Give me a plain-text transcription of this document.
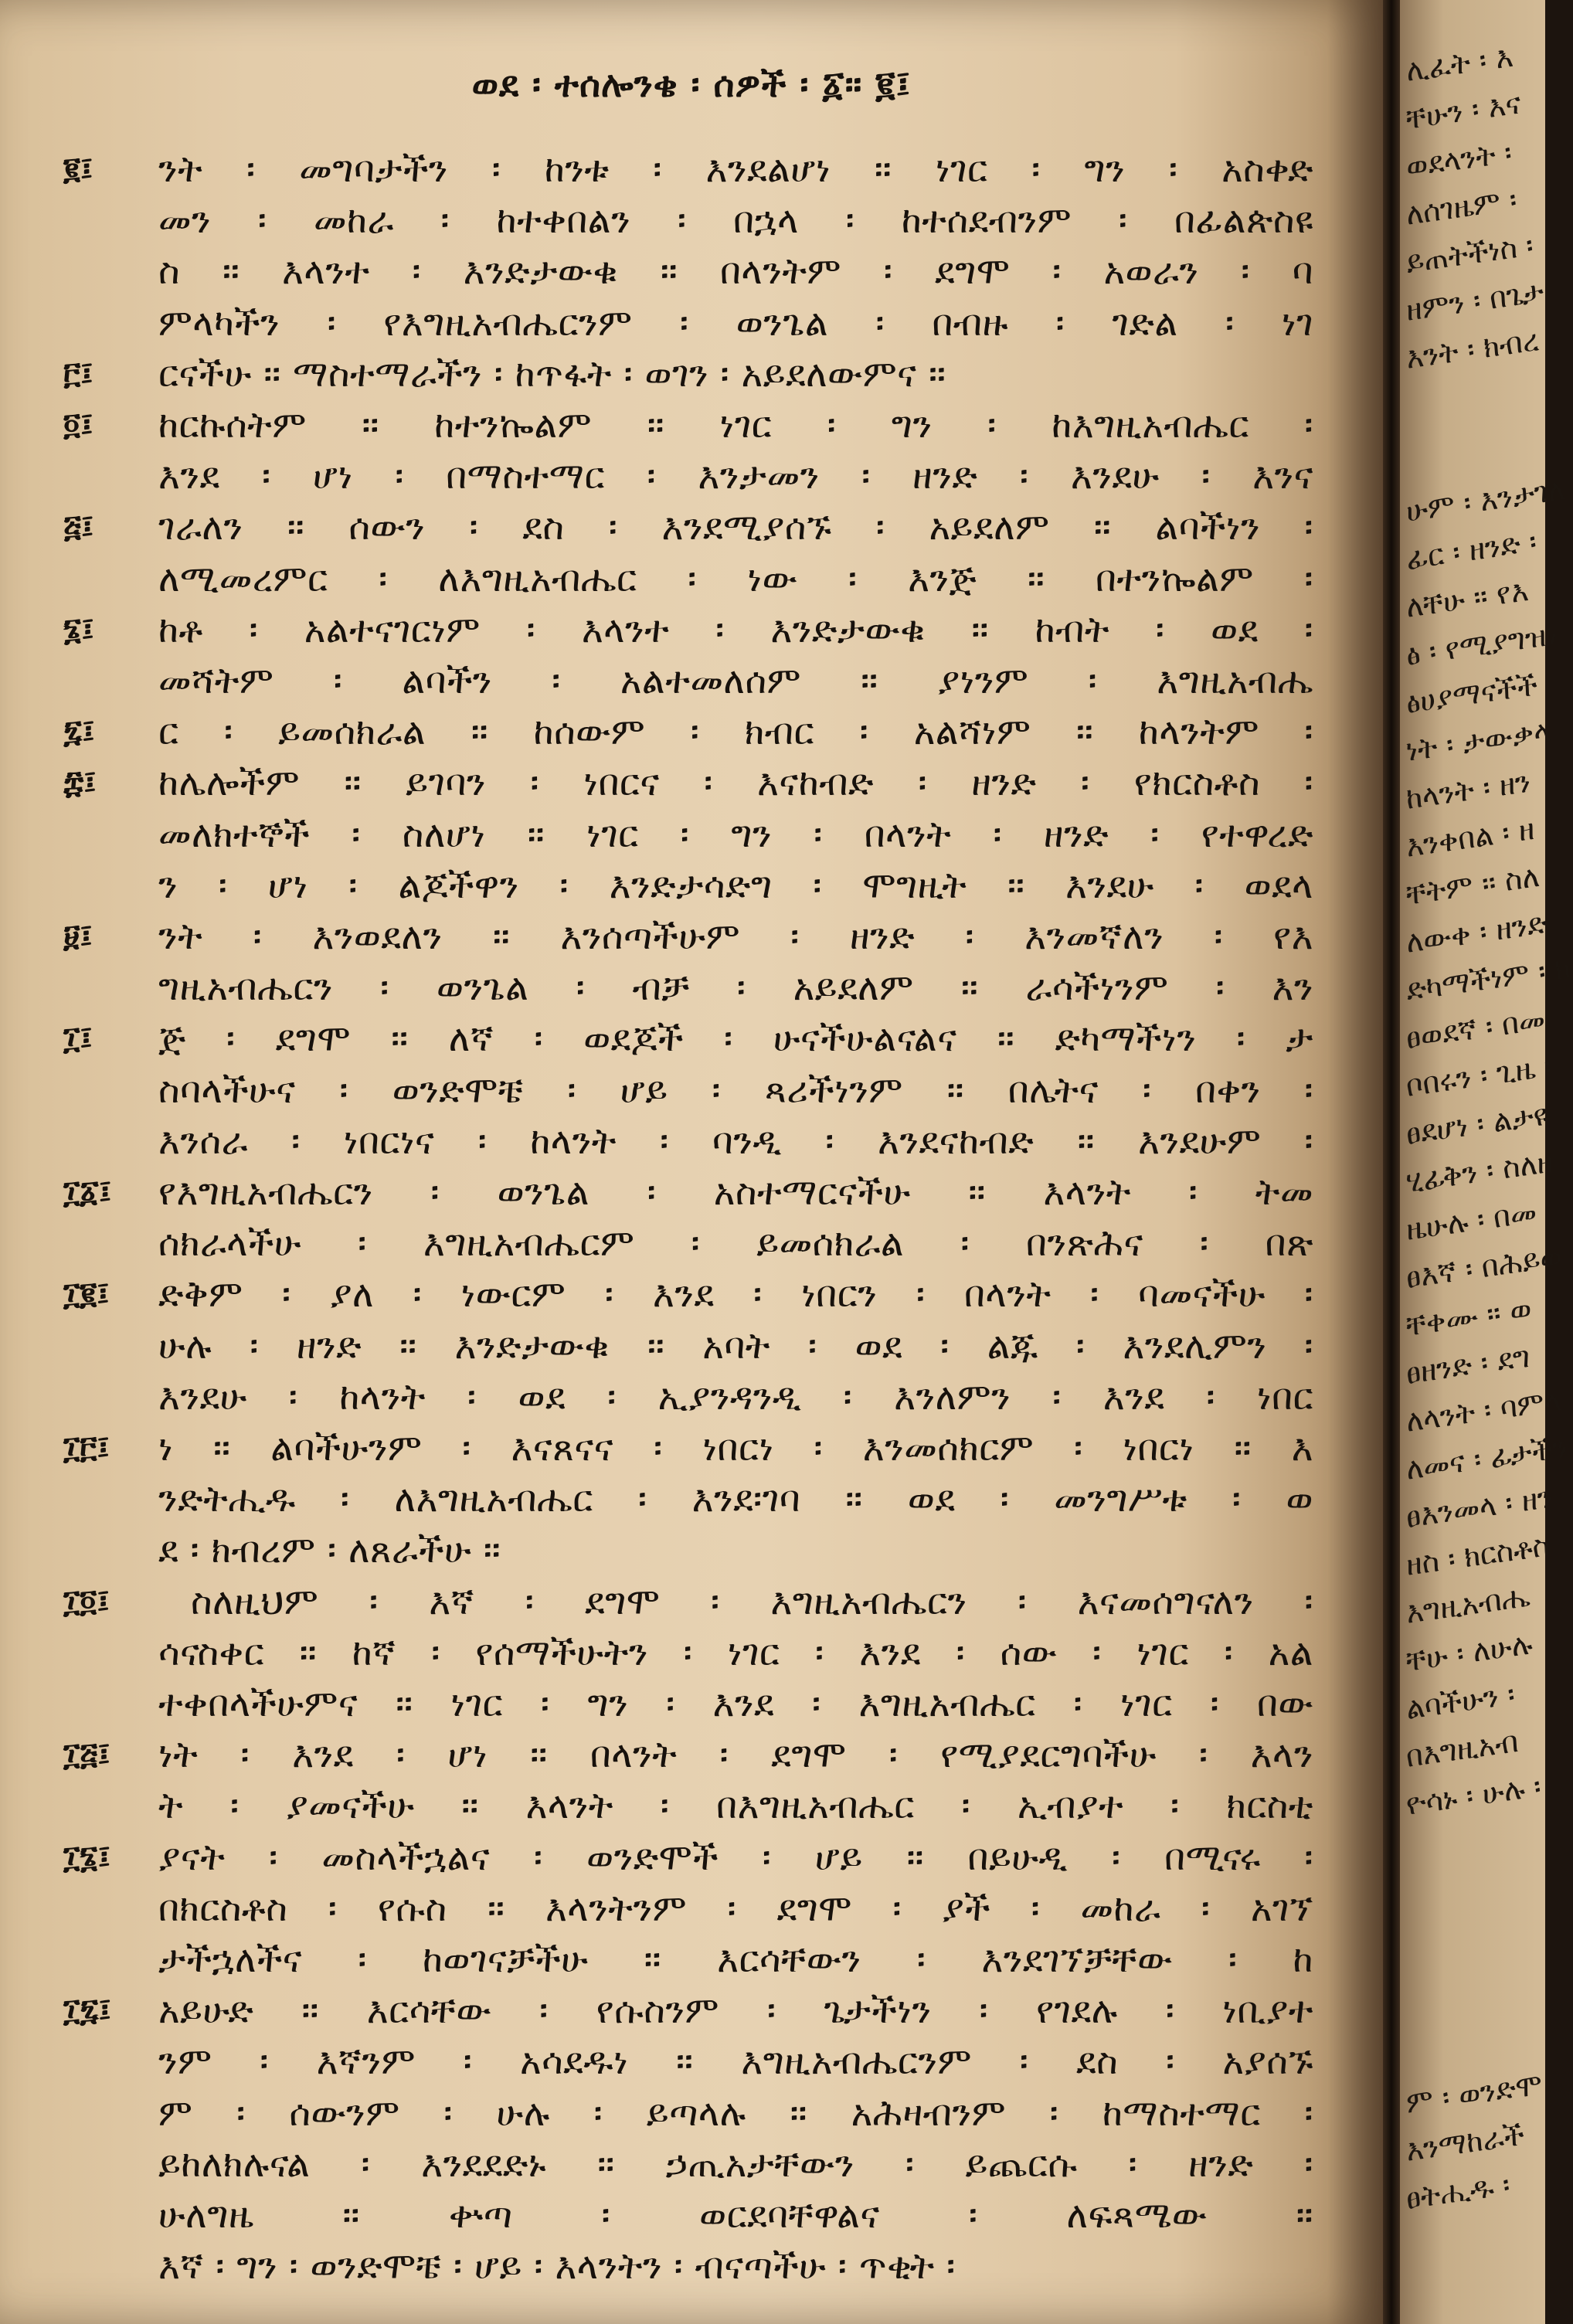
ወደ ፡ ተሰሎንቄ ፡ ሰዎች ፡ ፩። ፪፤
፪፤
፫፤
፬፤
፭፤
፮፤
፯፤
፰፤
፱፤
፲፤
፲፩፤
፲፪፤
፲፫፤
፲፬፤
፲፭፤
፲፮፤
፲፯፤
ንት ፡ መግባታችን ፡ ከንቱ ፡ እንደልሆነ ። ነገር ፡ ግን ፡ አስቀድ
መን ፡ መከራ ፡ ከተቀበልን ፡ በኋላ ፡ ከተሰደብንም ፡ በፊልጵስዩ
ስ ። እላንተ ፡ እንድታውቁ ። በላንትም ፡ ደግሞ ፡ አወራን ፡ ባ
ምላካችን ፡ የእግዚአብሔርንም ፡ ወንጌል ፡ በብዙ ፡ ገድል ፡ ነገ
ርናችሁ ። ማስተማራችን ፡ ከጥፋት ፡ ወገን ፡ አይደለውምና ።
ከርኩሰትም ። ከተንኰልም ። ነገር ፡ ግን ፡ ከእግዚአብሔር ፡
እንደ ፡ ሆነ ፡ በማስተማር ፡ እንታመን ፡ ዘንድ ፡ እንደሁ ፡ እንና
ገራለን ። ሰውን ፡ ደስ ፡ እንደሚያሰኙ ፡ አይደለም ። ልባችነን ፡
ለሚመረምር ፡ ለእግዚአብሔር ፡ ነው ፡ እንጅ ። በተንኰልም ፡
ከቶ ፡ አልተናገርነም ፡ እላንተ ፡ እንድታውቁ ። ከብት ፡ ወደ ፡
መሻትም ፡ ልባችን ፡ አልተመለሰም ። ያነንም ፡ እግዚአብሔ
ር ፡ ይመሰክራል ። ከሰውም ፡ ክብር ፡ አልሻነም ። ከላንትም ፡
ከሌሎችም ። ይገባን ፡ ነበርና ፡ እናከብድ ፡ ዘንድ ፡ የክርስቶስ ፡
መለክተኞች ፡ ስለሆነ ። ነገር ፡ ግን ፡ በላንት ፡ ዘንድ ፡ የተዋረድ
ን ፡ ሆነ ፡ ልጆችዋን ፡ እንድታሳድግ ፡ ሞግዚት ። እንደሁ ፡ ወደላ
ንት ፡ እንወደለን ። እንሰጣችሁም ፡ ዘንድ ፡ እንመኛለን ፡ የእ
ግዚአብሔርን ፡ ወንጌል ፡ ብቻ ፡ አይደለም ። ራሳችነንም ፡ እን
ጅ ፡ ደግሞ ። ለኛ ፡ ወደጆች ፡ ሁናችሁልናልና ። ድካማችነን ፡ ታ
ስባላችሁና ፡ ወንድሞቼ ፡ ሆይ ፡ ጻሪችነንም ። በሌትና ፡ በቀን ፡
እንሰራ ፡ ነበርነና ፡ ከላንት ፡ ባንዲ ፡ እንደናከብድ ። እንደሁም ፡
የእግዚአብሔርን ፡ ወንጌል ፡ አስተማርናችሁ ። እላንት ፡ ትመ
ሰክራላችሁ ፡ እግዚአብሔርም ፡ ይመሰክራል ፡ በንጽሕና ፡ በጽ
ድቅም ፡ ያለ ፡ ነውርም ፡ እንደ ፡ ነበርን ፡ በላንት ፡ ባመናችሁ ፡
ሁሉ ፡ ዘንድ ። እንድታውቁ ። አባት ፡ ወደ ፡ ልጁ ፡ እንደሊምን ፡
እንደሁ ፡ ከላንት ፡ ወደ ፡ ኢያንዳንዲ ፡ እንለምን ፡ እንደ ፡ ነበር
ነ ። ልባችሁንም ፡ እናጸናና ፡ ነበርነ ፡ እንመሰክርም ፡ ነበርነ ። እ
ንድትሒዱ ፡ ለእግዚአብሔር ፡ እንደ፡ገባ ። ወደ ፡ መንግሥቱ ፡ ወ
ደ ፡ ክብረም ፡ ለጸራችሁ ።
ስለዚህም ፡ እኛ ፡ ደግሞ ፡ እግዚአብሔርን ፡ እናመሰግናለን ፡
ሳናስቀር ። ከኛ ፡ የሰማችሁትን ፡ ነገር ፡ እንደ ፡ ሰው ፡ ነገር ፡ አል
ተቀበላችሁምና ። ነገር ፡ ግን ፡ እንደ ፡ እግዚአብሔር ፡ ነገር ፡ በው
ነት ፡ እንደ ፡ ሆነ ። በላንት ፡ ደግሞ ፡ የሚያደርግባችሁ ፡ እላን
ት ፡ ያመናችሁ ። እላንት ፡ በእግዚአብሔር ፡ ኢብያተ ፡ ክርስቲ
ያናት ፡ መስላችኋልና ፡ ወንድሞች ፡ ሆይ ። በይሁዲ ፡ በሚናሩ ፡
በክርስቶስ ፡ የሱስ ። እላንትንም ፡ ደግሞ ፡ ያች ፡ መከራ ፡ አገኘ
ታችኋለችና ፡ ከወገናቻችሁ ። እርሳቸውን ፡ እንደገኘቻቸው ፡ ከ
አይሁድ ። እርሳቸው ፡ የሱስንም ፡ ጌታችነን ፡ የገደሉ ፡ ነቢያተ
ንም ፡ እኛንም ፡ አሳደዱነ ። እግዚአብሔርንም ፡ ደስ ፡ አያሰኙ
ም ፡ ሰውንም ፡ ሁሉ ፡ ይጣላሉ ። አሕዛብንም ፡ ከማስተማር ፡
ይከለክሉናል ፡ እንደደድኑ ። ኃጢአታቸውን ፡ ይጨርሱ ፡ ዘንድ ፡
ሁለግዜ ። ቍጣ ፡ ወርደባቸዋልና ፡ ለፍጻሜው ።
እኛ ፡ ግን ፡ ወንድሞቼ ፡ ሆይ ፡ እላንትን ፡ ብናጣችሁ ፡ ጥቂት ፡
ሊፈት ፡ እ
ቸሁን ፡ እና
ወደላንት ፡
ለሰገዜም ፡
ይጠትችነስ ፡
ዘምን ፡ በጌታ
እንት ፡ ክብረ
ሁም ፡ እንታገለ
ፊር ፡ ዘንድ ፡
ለቸሁ ። የእ
ፅ ፡ የሚያግዝነ
ፅሀያማናችች
ነት ፡ ታውቃላ
ከላንት ፡ ዘን
እንቀበል ፡ ዘ
ቸትም ። ስለ
ለውቀ ፡ ዘንድ
ድካማችነም ፡ ክ
ፀወደኛ ፡ በመ
ቦበሩን ፡ ጊዜ ፡
ፀደሆነ ፡ ልታዩ
ሂፊቅን ፡ ስለዘ
ዜሁሉ ፡ በመ
ፀእኛ ፡ በሕይወ
ቸቀሙ ። ወ
ፀዘንድ ፡ ደግ
ለላንት ፡ ባምላ
ለመና ፡ ፊታችን
ፀእንመላ ፡ ዘን
ዘስ ፡ ክርስቶስ
እግዚአብሔ
ቸሁ ፡ ለሁሉ
ልባችሁን ፡
በእግዚአብ
ዮሳኑ ፡ ሁሉ ፡
ም ፡ ወንድሞ
እንማከራች
ፀትሒዱ ፡
